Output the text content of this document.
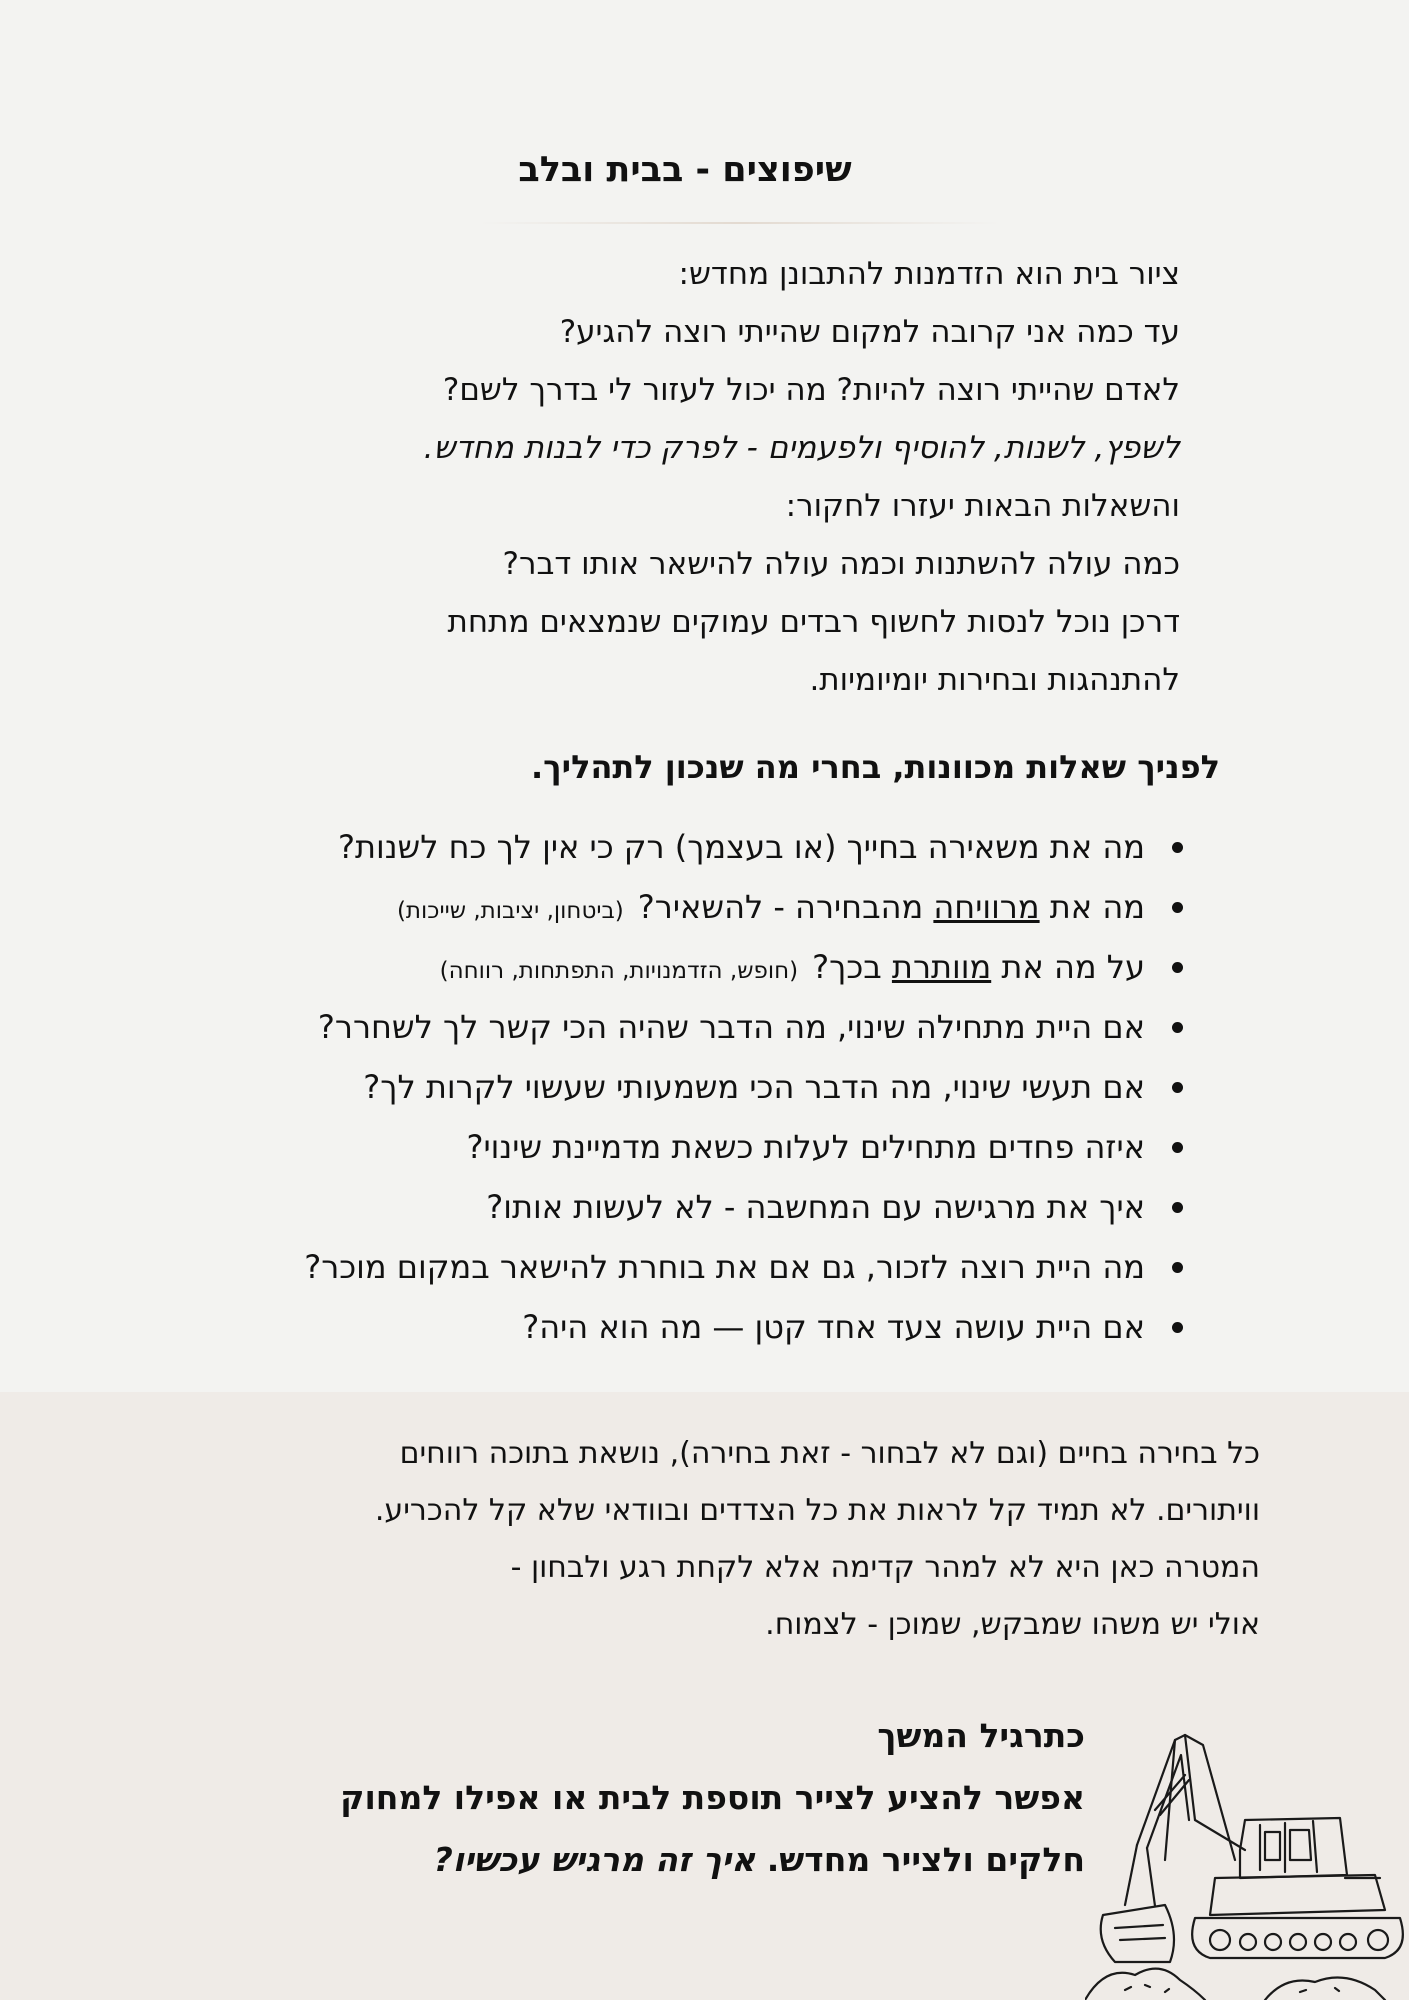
שיפוצים - בבית ובלב

ציור בית הוא הזדמנות להתבונן מחדש:

עד כמה אני קרובה למקום שהייתי רוצה להגיע?

לאדם שהייתי רוצה להיות? מה יכול לעזור לי בדרך לשם?

לשפץ, לשנות, להוסיף ולפעמים - לפרק כדי לבנות מחדש.

והשאלות הבאות יעזרו לחקור:

כמה עולה להשתנות וכמה עולה להישאר אותו דבר?

דרכן נוכל לנסות לחשוף רבדים עמוקים שנמצאים מתחת

להתנהגות ובחירות יומיומיות.

לפניך שאלות מכוונות, בחרי מה שנכון לתהליך.
מה את משאירה בחייך (או בעצמך) רק כי אין לך כח לשנות?
מה את מרוויחה מהבחירה - להשאיר?(ביטחון, יציבות, שייכות)
על מה את מוותרת בכך?(חופש, הזדמנויות, התפתחות, רווחה)
אם היית מתחילה שינוי, מה הדבר שהיה הכי קשר לך לשחרר?
אם תעשי שינוי, מה הדבר הכי משמעותי שעשוי לקרות לך?
איזה פחדים מתחילים לעלות כשאת מדמיינת שינוי?
איך את מרגישה עם המחשבה - לא לעשות אותו?
מה היית רוצה לזכור, גם אם את בוחרת להישאר במקום מוכר?
אם היית עושה צעד אחד קטן — מה הוא היה?

כל בחירה בחיים (וגם לא לבחור - זאת בחירה), נושאת בתוכה רווחים

וויתורים. לא תמיד קל לראות את כל הצדדים ובוודאי שלא קל להכריע.

המטרה כאן היא לא למהר קדימה אלא לקחת רגע ולבחון -

אולי יש משהו שמבקש, שמוכן - לצמוח.

כתרגיל המשך

אפשר להציע לצייר תוספת לבית או אפילו למחוק

חלקים ולצייר מחדש. איך זה מרגיש עכשיו?
